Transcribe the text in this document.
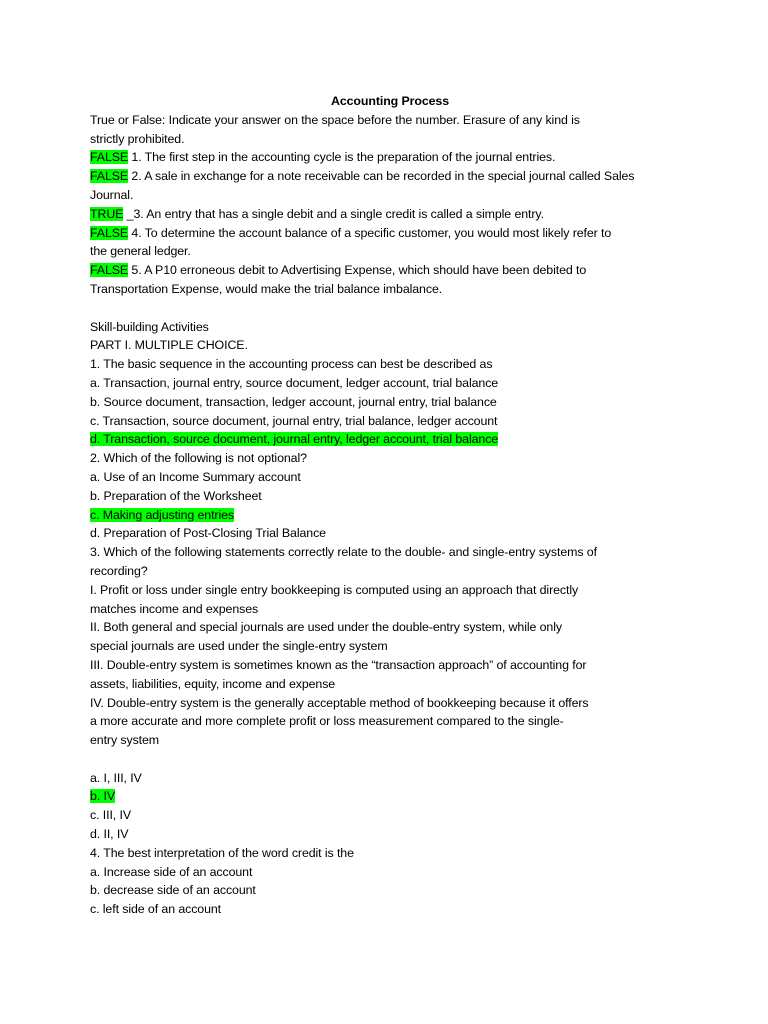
Accounting Process
True or False: Indicate your answer on the space before the number. Erasure of any kind is
strictly prohibited.
FALSE 1. The first step in the accounting cycle is the preparation of the journal entries.
FALSE 2. A sale in exchange for a note receivable can be recorded in the special journal called Sales
Journal.
TRUE _3. An entry that has a single debit and a single credit is called a simple entry.
FALSE 4. To determine the account balance of a specific customer, you would most likely refer to
the general ledger.
FALSE 5. A P10 erroneous debit to Advertising Expense, which should have been debited to
Transportation Expense, would make the trial balance imbalance.
Skill-building Activities
PART I. MULTIPLE CHOICE.
1. The basic sequence in the accounting process can best be described as
a. Transaction, journal entry, source document, ledger account, trial balance
b. Source document, transaction, ledger account, journal entry, trial balance
c. Transaction, source document, journal entry, trial balance, ledger account
d. Transaction, source document, journal entry, ledger account, trial balance
2. Which of the following is not optional?
a. Use of an Income Summary account
b. Preparation of the Worksheet
c. Making adjusting entries
d. Preparation of Post-Closing Trial Balance
3. Which of the following statements correctly relate to the double- and single-entry systems of
recording?
I. Profit or loss under single entry bookkeeping is computed using an approach that directly
matches income and expenses
II. Both general and special journals are used under the double-entry system, while only
special journals are used under the single-entry system
III. Double-entry system is sometimes known as the “transaction approach” of accounting for
assets, liabilities, equity, income and expense
IV. Double-entry system is the generally acceptable method of bookkeeping because it offers
a more accurate and more complete profit or loss measurement compared to the single-
entry system
a. I, III, IV
b. IV
c. III, IV
d. II, IV
4. The best interpretation of the word credit is the
a. Increase side of an account
b. decrease side of an account
c. left side of an account
